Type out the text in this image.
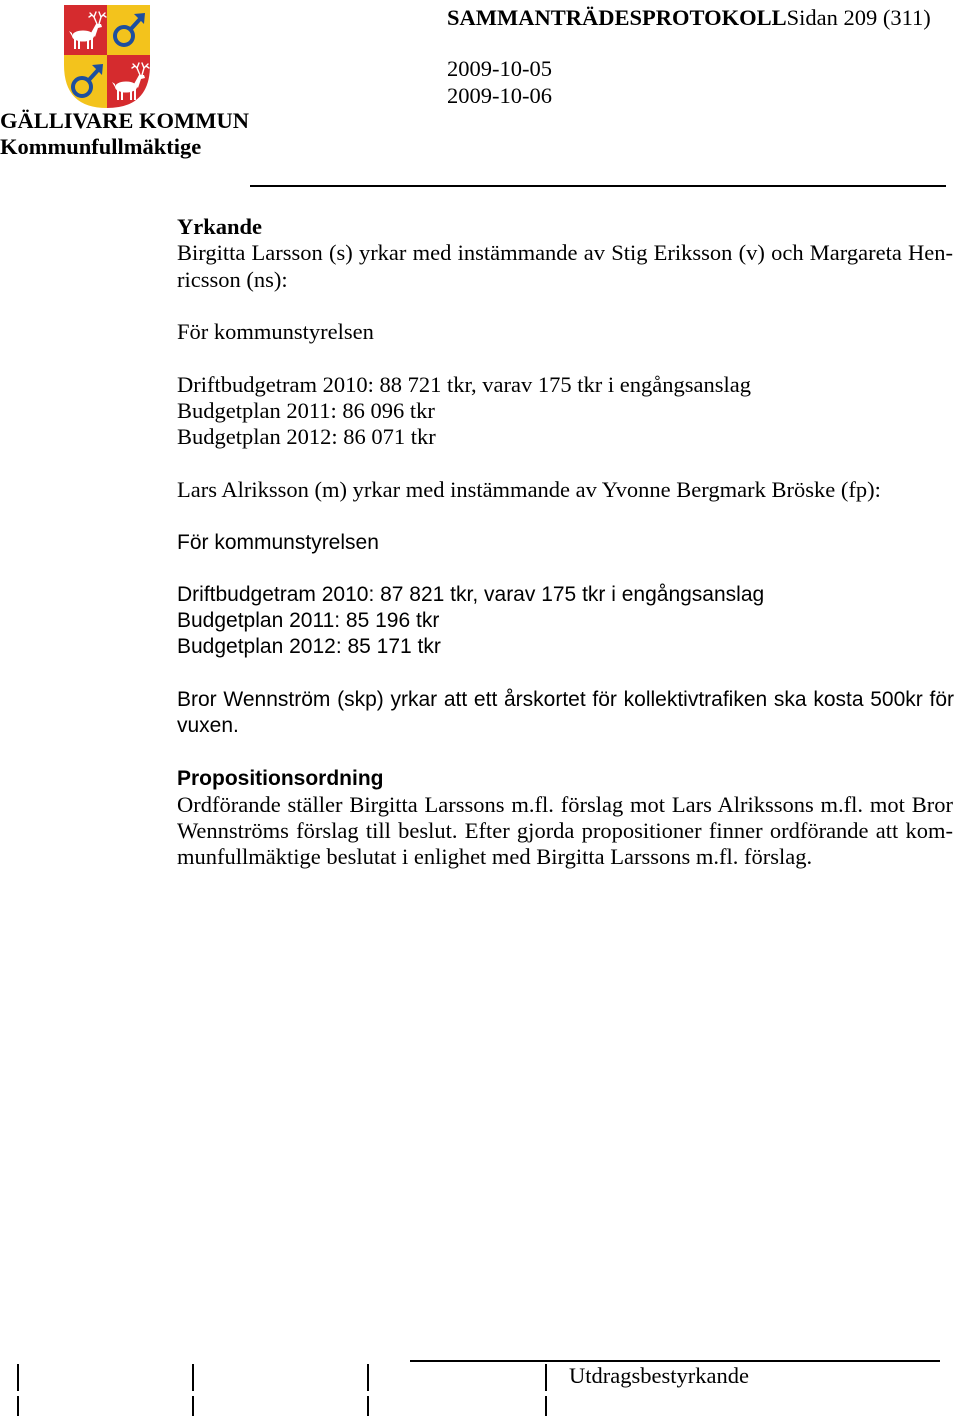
GÄLLIVARE KOMMUN
Kommunfullmäktige
SAMMANTRÄDESPROTOKOLLSidan 209 (311)
2009-10-05
2009-10-06
Yrkande
Birgitta Larsson (s) yrkar med instämmande av Stig Eriksson (v) och Margareta Hen-
ricsson (ns):
För kommunstyrelsen
Driftbudgetram 2010: 88 721 tkr, varav 175 tkr i engångsanslag
Budgetplan 2011: 86 096 tkr
Budgetplan 2012: 86 071 tkr
Lars Alriksson (m) yrkar med instämmande av Yvonne Bergmark Bröske (fp):
För kommunstyrelsen
Driftbudgetram 2010: 87 821 tkr, varav 175 tkr i engångsanslag
Budgetplan 2011: 85 196 tkr
Budgetplan 2012: 85 171 tkr
Bror Wennström (skp) yrkar att ett årskortet för kollektivtrafiken ska kosta 500kr för
vuxen.
Propositionsordning
Ordförande ställer Birgitta Larssons m.fl. förslag mot Lars Alrikssons m.fl. mot Bror
Wennströms förslag till beslut. Efter gjorda propositioner finner ordförande att kom-
munfullmäktige beslutat i enlighet med Birgitta Larssons m.fl. förslag.
Utdragsbestyrkande
